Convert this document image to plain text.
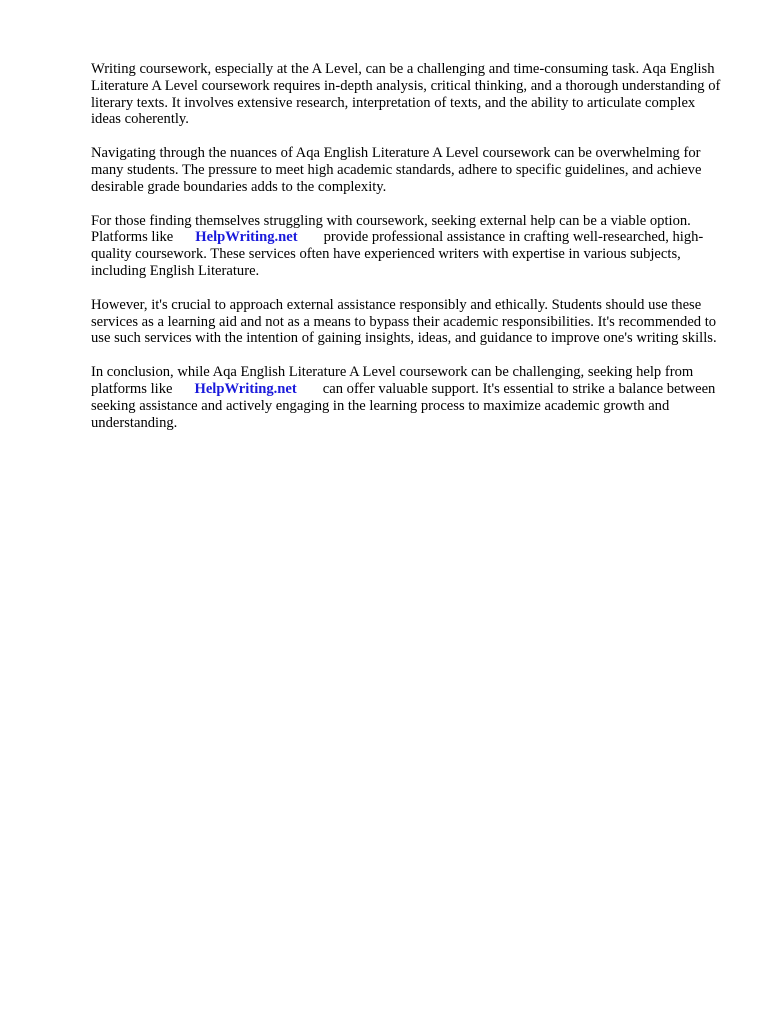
Writing coursework, especially at the A Level, can be a challenging and time-consuming task. Aqa English Literature A Level coursework requires in-depth analysis, critical thinking, and a thorough understanding of literary texts. It involves extensive research, interpretation of texts, and the ability to articulate complex ideas coherently.

Navigating through the nuances of Aqa English Literature A Level coursework can be overwhelming for many students. The pressure to meet high academic standards, adhere to specific guidelines, and achieve desirable grade boundaries adds to the complexity.

For those finding themselves struggling with coursework, seeking external help can be a viable option. Platforms like HelpWriting.net provide professional assistance in crafting well-researched, high-quality coursework. These services often have experienced writers with expertise in various subjects, including English Literature.

However, it's crucial to approach external assistance responsibly and ethically. Students should use these services as a learning aid and not as a means to bypass their academic responsibilities. It's recommended to use such services with the intention of gaining insights, ideas, and guidance to improve one's writing skills.

In conclusion, while Aqa English Literature A Level coursework can be challenging, seeking help from platforms like HelpWriting.net can offer valuable support. It's essential to strike a balance between seeking assistance and actively engaging in the learning process to maximize academic growth and understanding.
